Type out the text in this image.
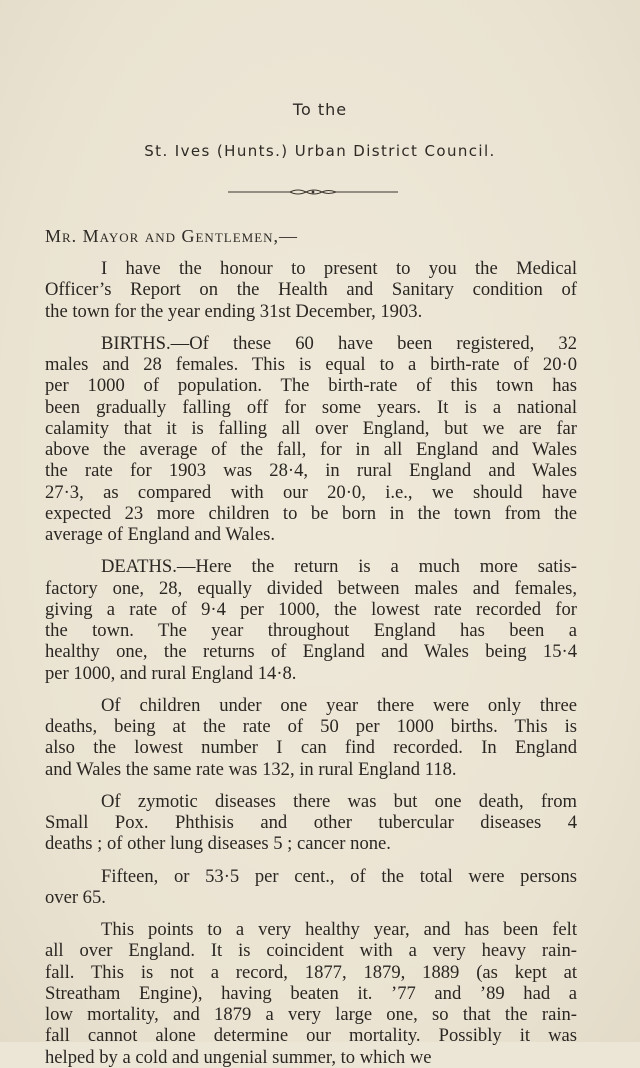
To the
St. Ives (Hunts.) Urban District Council.
Mr. Mayor and Gentlemen,—
I have the honour to present to you the Medical
Officer’s Report on the Health and Sanitary condition of
the town for the year ending 31st December, 1903.
BIRTHS.—Of these 60 have been registered, 32
males and 28 females. This is equal to a birth-rate of 20·0
per 1000 of population. The birth-rate of this town has
been gradually falling off for some years. It is a national
calamity that it is falling all over England, but we are far
above the average of the fall, for in all England and Wales
the rate for 1903 was 28·4, in rural England and Wales
27·3, as compared with our 20·0, i.e., we should have
expected 23 more children to be born in the town from the
average of England and Wales.
DEATHS.—Here the return is a much more satis-
factory one, 28, equally divided between males and females,
giving a rate of 9·4 per 1000, the lowest rate recorded for
the town. The year throughout England has been a
healthy one, the returns of England and Wales being 15·4
per 1000, and rural England 14·8.
Of children under one year there were only three
deaths, being at the rate of 50 per 1000 births. This is
also the lowest number I can find recorded. In England
and Wales the same rate was 132, in rural England 118.
Of zymotic diseases there was but one death, from
Small Pox. Phthisis and other tubercular diseases 4
deaths ; of other lung diseases 5 ; cancer none.
Fifteen, or 53·5 per cent., of the total were persons
over 65.
This points to a very healthy year, and has been felt
all over England. It is coincident with a very heavy rain-
fall. This is not a record, 1877, 1879, 1889 (as kept at
Streatham Engine), having beaten it. ’77 and ’89 had a
low mortality, and 1879 a very large one, so that the rain-
fall cannot alone determine our mortality. Possibly it was
helped by a cold and ungenial summer, to which we
